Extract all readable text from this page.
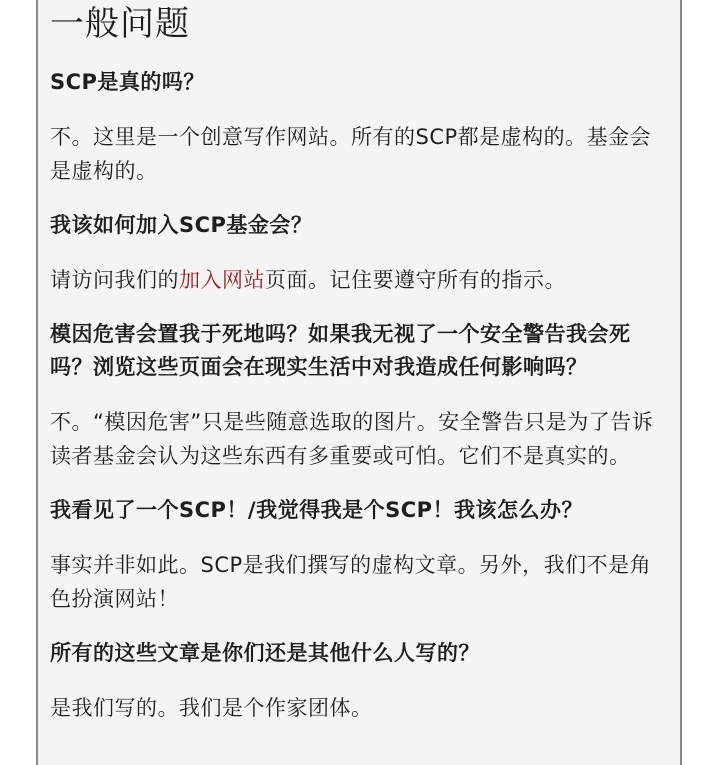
一般问题

SCP是真的吗？

不。这里是一个创意写作网站。所有的SCP都是虚构的。基金会是虚构的。

我该如何加入SCP基金会？

请访问我们的加入网站页面。记住要遵守所有的指示。

模因危害会置我于死地吗？如果我无视了一个安全警告我会死吗？浏览这些页面会在现实生活中对我造成任何影响吗？

不。“模因危害”只是些随意选取的图片。安全警告只是为了告诉读者基金会认为这些东西有多重要或可怕。它们不是真实的。

我看见了一个SCP！/我觉得我是个SCP！我该怎么办？

事实并非如此。SCP是我们撰写的虚构文章。另外，我们不是角色扮演网站！

所有的这些文章是你们还是其他什么人写的？

是我们写的。我们是个作家团体。
